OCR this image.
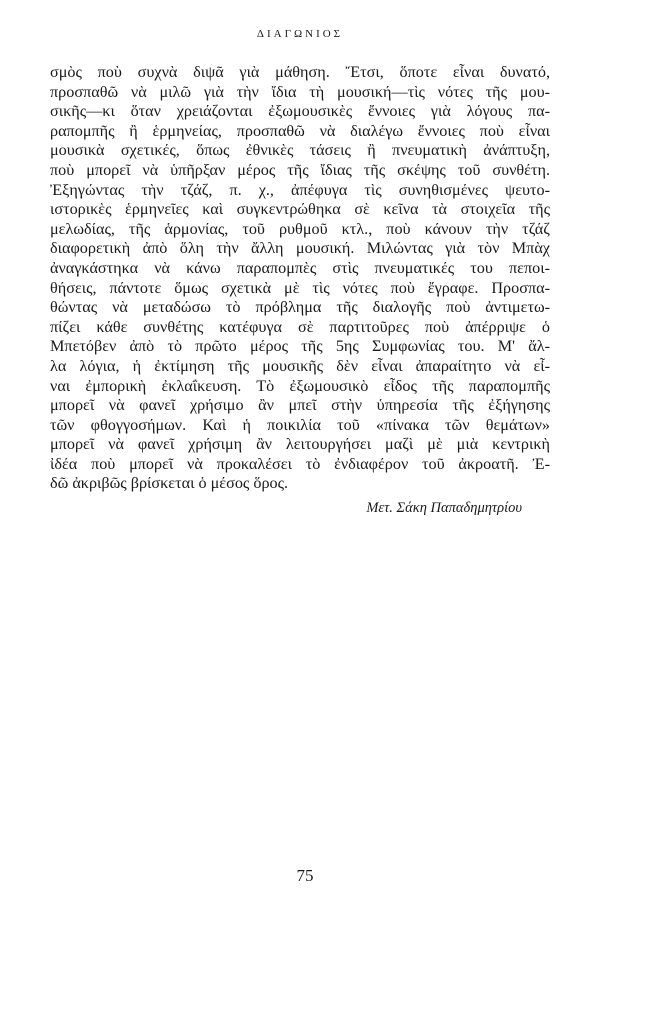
ΔΙΑΓΩΝΙΟΣ
σμὸς ποὺ συχνὰ διψᾶ γιὰ μάθηση. Ἔτσι, ὅποτε εἶναι δυνατό,
προσπαθῶ νὰ μιλῶ γιὰ τὴν ἴδια τὴ μουσική—τὶς νότες τῆς μου-
σικῆς—κι ὅταν χρειάζονται ἐξωμουσικὲς ἔννοιες γιὰ λόγους πα-
ραπομπῆς ἢ ἑρμηνείας, προσπαθῶ νὰ διαλέγω ἔννοιες ποὺ εἶναι
μουσικὰ σχετικές, ὅπως ἐθνικὲς τάσεις ἢ πνευματικὴ ἀνάπτυξη,
ποὺ μπορεῖ νὰ ὑπῆρξαν μέρος τῆς ἴδιας τῆς σκέψης τοῦ συνθέτη.
Ἐξηγώντας τὴν τζάζ, π. χ., ἀπέφυγα τὶς συνηθισμένες ψευτο-
ιστορικὲς ἑρμηνεῖες καὶ συγκεντρώθηκα σὲ κεῖνα τὰ στοιχεῖα τῆς
μελωδίας, τῆς ἁρμονίας, τοῦ ρυθμοῦ κτλ., ποὺ κάνουν τὴν τζάζ
διαφορετικὴ ἀπὸ ὅλη τὴν ἄλλη μουσική. Μιλώντας γιὰ τὸν Μπὰχ
ἀναγκάστηκα νὰ κάνω παραπομπὲς στὶς πνευματικές του πεποι-
θήσεις, πάντοτε ὅμως σχετικὰ μὲ τὶς νότες ποὺ ἔγραφε. Προσπα-
θώντας νὰ μεταδώσω τὸ πρόβλημα τῆς διαλογῆς ποὺ ἀντιμετω-
πίζει κάθε συνθέτης κατέφυγα σὲ παρτιτοῦρες ποὺ ἀπέρριψε ὁ
Μπετόβεν ἀπὸ τὸ πρῶτο μέρος τῆς 5ης Συμφωνίας του. Μ' ἄλ-
λα λόγια, ἡ ἐκτίμηση τῆς μουσικῆς δὲν εἶναι ἀπαραίτητο νὰ εἶ-
ναι ἐμπορικὴ ἐκλαΐκευση. Τὸ ἐξωμουσικὸ εἶδος τῆς παραπομπῆς
μπορεῖ νὰ φανεῖ χρήσιμο ἂν μπεῖ στὴν ὑπηρεσία τῆς ἐξήγησης
τῶν φθογγοσήμων. Καὶ ἡ ποικιλία τοῦ «πίνακα τῶν θεμάτων»
μπορεῖ νὰ φανεῖ χρήσιμη ἂν λειτουργήσει μαζὶ μὲ μιὰ κεντρικὴ
ἰδέα ποὺ μπορεῖ νὰ προκαλέσει τὸ ἐνδιαφέρον τοῦ ἀκροατῆ. Ἐ-
δῶ ἀκριβῶς βρίσκεται ὁ μέσος ὅρος.
Μετ. Σάκη Παπαδημητρίου
75
